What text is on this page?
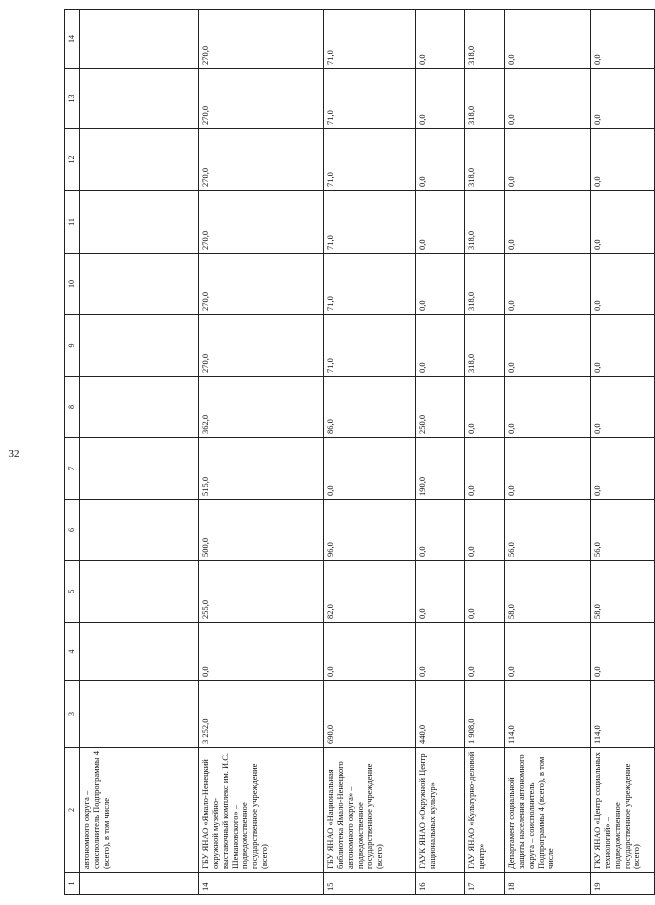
32
1	2	3	4	5	6	7	8	9	10	11	12	13	14
	автономного округа – соисполнитель Подпрограммы 4 (всего), в том числе												
14	ГБУ ЯНАО «Ямало-Ненецкий окружной музейно-выставочный комплекс им. И.С. Шемановского» – подведомственное государственное учреждение (всего)	3 252,0	0,0	255,0	500,0	515,0	362,0	270,0	270,0	270,0	270,0	270,0	270,0
15	ГБУ ЯНАО «Национальная библиотека Ямало-Ненецкого автономного округа» – подведомственное государственное учреждение (всего)	690,0	0,0	82,0	96,0	0,0	86,0	71,0	71,0	71,0	71,0	71,0	71,0
16	ГАУК ЯНАО «Окружной Центр национальных культур»	440,0	0,0	0,0	0,0	190,0	250,0	0,0	0,0	0,0	0,0	0,0	0,0
17	ГАУ ЯНАО «Культурно-деловой центр»	1 908,0	0,0	0,0	0,0	0,0	0,0	318,0	318,0	318,0	318,0	318,0	318,0
18	Департамент социальной защиты населения автономного округа – соисполнитель Подпрограммы 4 (всего), в том числе	114,0	0,0	58,0	56,0	0,0	0,0	0,0	0,0	0,0	0,0	0,0	0,0
19	ГКУ ЯНАО «Центр социальных технологий» – подведомственное государственное учреждение (всего)	114,0	0,0	58,0	56,0	0,0	0,0	0,0	0,0	0,0	0,0	0,0	0,0
